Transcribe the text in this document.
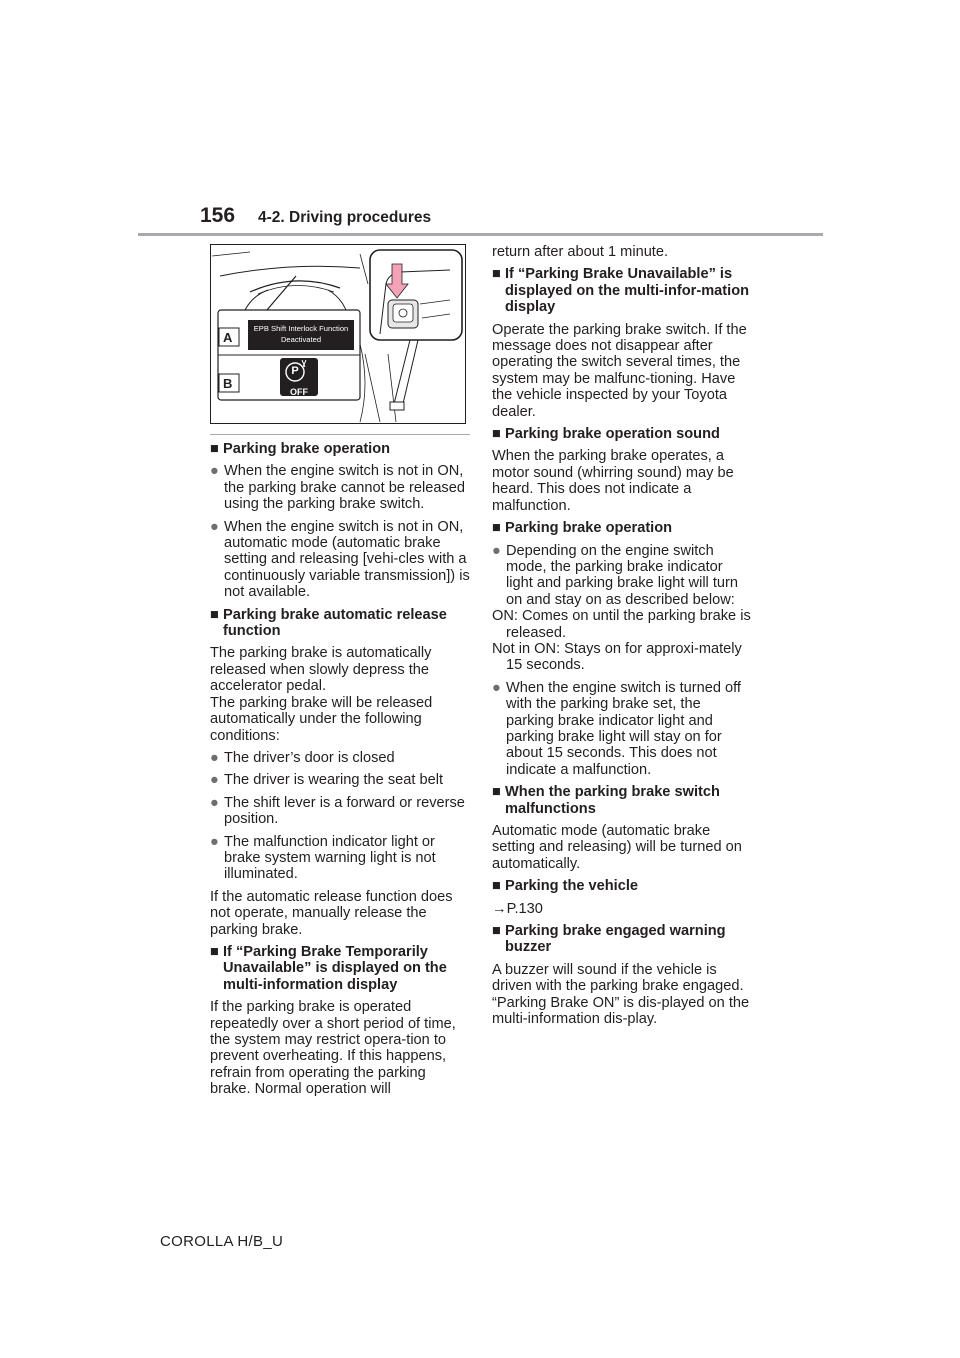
156 4-2. Driving procedures
A
B
EPB Shift Interlock Function
Deactivated
P
OFF
■ Parking brake operation
● When the engine switch is not in ON, the parking brake cannot be released using the parking brake switch.
● When the engine switch is not in ON, automatic mode (automatic brake setting and releasing [vehi-cles with a continuously variable transmission]) is not available.
■ Parking brake automatic release function
The parking brake is automatically released when slowly depress the accelerator pedal.
The parking brake will be released automatically under the following conditions:
● The driver’s door is closed
● The driver is wearing the seat belt
● The shift lever is a forward or reverse position.
● The malfunction indicator light or brake system warning light is not illuminated.
If the automatic release function does not operate, manually release the parking brake.
■ If “Parking Brake Temporarily Unavailable” is displayed on the multi-information display
If the parking brake is operated repeatedly over a short period of time, the system may restrict opera-tion to prevent overheating. If this happens, refrain from operating the parking brake. Normal operation will
return after about 1 minute.
■ If “Parking Brake Unavailable” is displayed on the multi-infor-mation display
Operate the parking brake switch. If the message does not disappear after operating the switch several times, the system may be malfunc-tioning. Have the vehicle inspected by your Toyota dealer.
■ Parking brake operation sound
When the parking brake operates, a motor sound (whirring sound) may be heard. This does not indicate a malfunction.
■ Parking brake operation
● Depending on the engine switch mode, the parking brake indicator light and parking brake light will turn on and stay on as described below:
ON: Comes on until the parking brake is released.
Not in ON: Stays on for approxi-mately 15 seconds.
● When the engine switch is turned off with the parking brake set, the parking brake indicator light and parking brake light will stay on for about 15 seconds. This does not indicate a malfunction.
■ When the parking brake switch malfunctions
Automatic mode (automatic brake setting and releasing) will be turned on automatically.
■ Parking the vehicle
→P.130
■ Parking brake engaged warning buzzer
A buzzer will sound if the vehicle is driven with the parking brake engaged. “Parking Brake ON” is dis-played on the multi-information dis-play.
COROLLA H/B_U
